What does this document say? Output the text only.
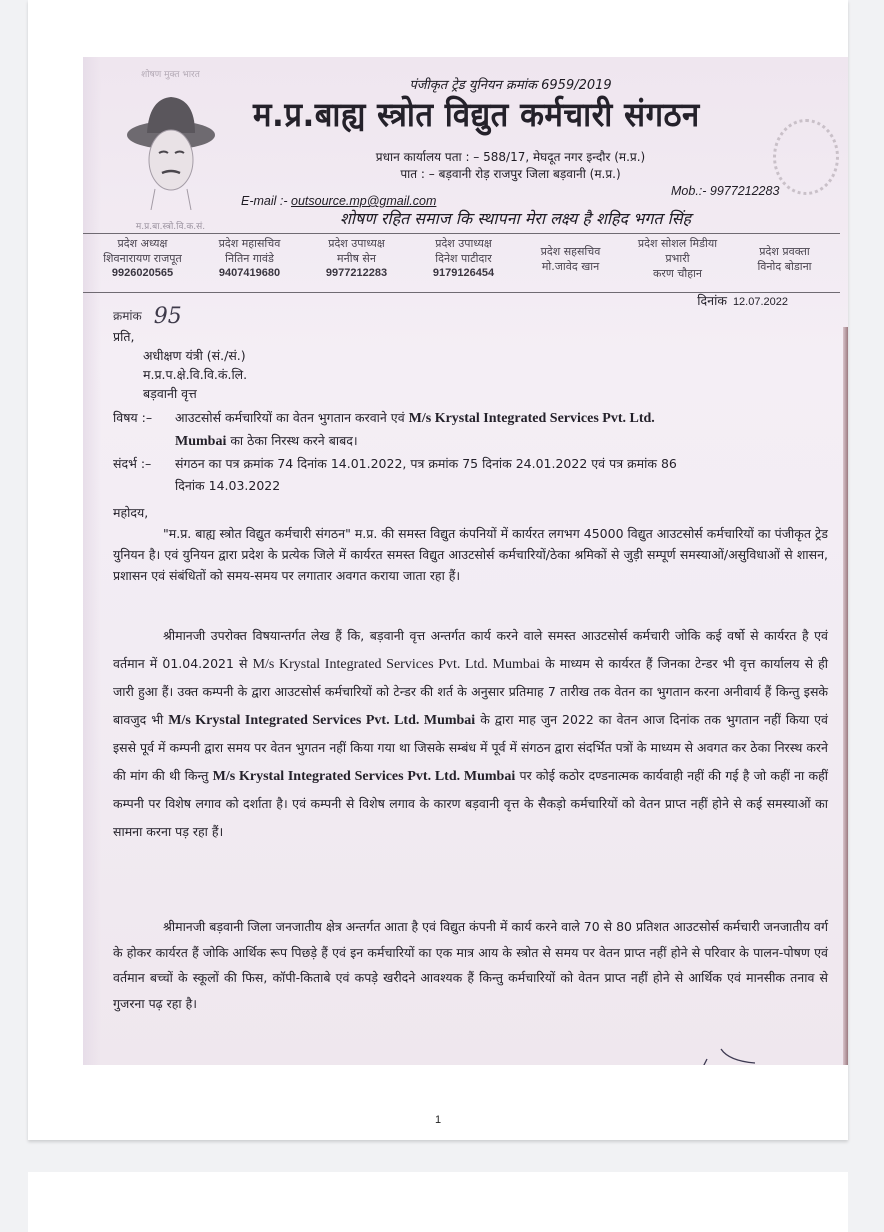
शोषण मुक्त भारत
म.प्र.बा.स्त्रो.वि.क.सं.
पंजीकृत ट्रेड युनियन क्रमांक 6959/2019
म.प्र.बाह्य स्त्रोत विद्युत कर्मचारी संगठन
प्रधान कार्यालय पता : – 588/17, मेघदूत नगर इन्दौर (म.प्र.)
पात : – बड़वानी रोड़ राजपुर जिला बड़वानी (म.प्र.)
E-mail :- outsource.mp@gmail.com
Mob.:- 9977212283
शोषण रहित समाज कि स्थापना मेरा लक्ष्य है शहिद भगत सिंह
प्रदेश अध्यक्ष
शिवनारायण राजपूत
9926020565
प्रदेश महासचिव
नितिन गावंडे
9407419680
प्रदेश उपाध्यक्ष
मनीष सेन
9977212283
प्रदेश उपाध्यक्ष
दिनेश पाटीदार
9179126454
प्रदेश सहसचिव
मो.जावेद खान
प्रदेश सोशल मिडीया प्रभारी
करण चौहान
प्रदेश प्रवक्ता
विनोद बोडाना
क्रमांक 95
दिनांक 12.07.2022
प्रति,
अधीक्षण यंत्री (सं./सं.)
म.प्र.प.क्षे.वि.वि.कं.लि.
बड़वानी वृत्त
विषय :– आउटसोर्स कर्मचारियों का वेतन भुगतान करवाने एवं M/s Krystal Integrated Services Pvt. Ltd.
Mumbai का ठेका निरस्थ करने बाबद।
संदर्भ :– संगठन का पत्र क्रमांक 74 दिनांक 14.01.2022, पत्र क्रमांक 75 दिनांक 24.01.2022 एवं पत्र क्रमांक 86
दिनांक 14.03.2022
महोदय,
"म.प्र. बाह्य स्त्रोत विद्युत कर्मचारी संगठन" म.प्र. की समस्त विद्युत कंपनियों में कार्यरत लगभग 45000 विद्युत आउटसोर्स कर्मचारियों का पंजीकृत ट्रेड युनियन है। एवं युनियन द्वारा प्रदेश के प्रत्येक जिले में कार्यरत समस्त विद्युत आउटसोर्स कर्मचारियों/ठेका श्रमिकों से जुड़ी सम्पूर्ण समस्याओं/असुविधाओं से शासन, प्रशासन एवं संबंधितों को समय-समय पर लगातार अवगत कराया जाता रहा हैं।
श्रीमानजी उपरोक्त विषयान्तर्गत लेख हैं कि, बड़वानी वृत्त अन्तर्गत कार्य करने वाले समस्त आउटसोर्स कर्मचारी जोकि कई वर्षो से कार्यरत है एवं वर्तमान में 01.04.2021 से M/s Krystal Integrated Services Pvt. Ltd. Mumbai के माध्यम से कार्यरत हैं जिनका टेन्डर भी वृत्त कार्यालय से ही जारी हुआ हैं। उक्त कम्पनी के द्वारा आउटसोर्स कर्मचारियों को टेन्डर की शर्त के अनुसार प्रतिमाह 7 तारीख तक वेतन का भुगतान करना अनीवार्य हैं किन्तु इसके बावजुद भी M/s Krystal Integrated Services Pvt. Ltd. Mumbai के द्वारा माह जुन 2022 का वेतन आज दिनांक तक भुगतान नहीं किया एवं इससे पूर्व में कम्पनी द्वारा समय पर वेतन भुगतन नहीं किया गया था जिसके सम्बंध में पूर्व में संगठन द्वारा संदर्भित पत्रों के माध्यम से अवगत कर ठेका निरस्थ करने की मांग की थी किन्तु M/s Krystal Integrated Services Pvt. Ltd. Mumbai पर कोई कठोर दण्डनात्मक कार्यवाही नहीं की गई है जो कहीं ना कहीं कम्पनी पर विशेष लगाव को दर्शाता है। एवं कम्पनी से विशेष लगाव के कारण बड़वानी वृत्त के सैकड़ो कर्मचारियों को वेतन प्राप्त नहीं होने से कई समस्याओं का सामना करना पड़ रहा हैं।
श्रीमानजी बड़वानी जिला जनजातीय क्षेत्र अन्तर्गत आता है एवं विद्युत कंपनी में कार्य करने वाले 70 से 80 प्रतिशत आउटसोर्स कर्मचारी जनजातीय वर्ग के होकर कार्यरत हैं जोकि आर्थिक रूप पिछड़े हैं एवं इन कर्मचारियों का एक मात्र आय के स्त्रोत से समय पर वेतन प्राप्त नहीं होने से परिवार के पालन-पोषण एवं वर्तमान बच्चों के स्कूलों की फिस, कॉपी-किताबे एवं कपड़े खरीदने आवश्यक हैं किन्तु कर्मचारियों को वेतन प्राप्त नहीं होने से आर्थिक एवं मानसीक तनाव से गुजरना पढ़ रहा है।
1
